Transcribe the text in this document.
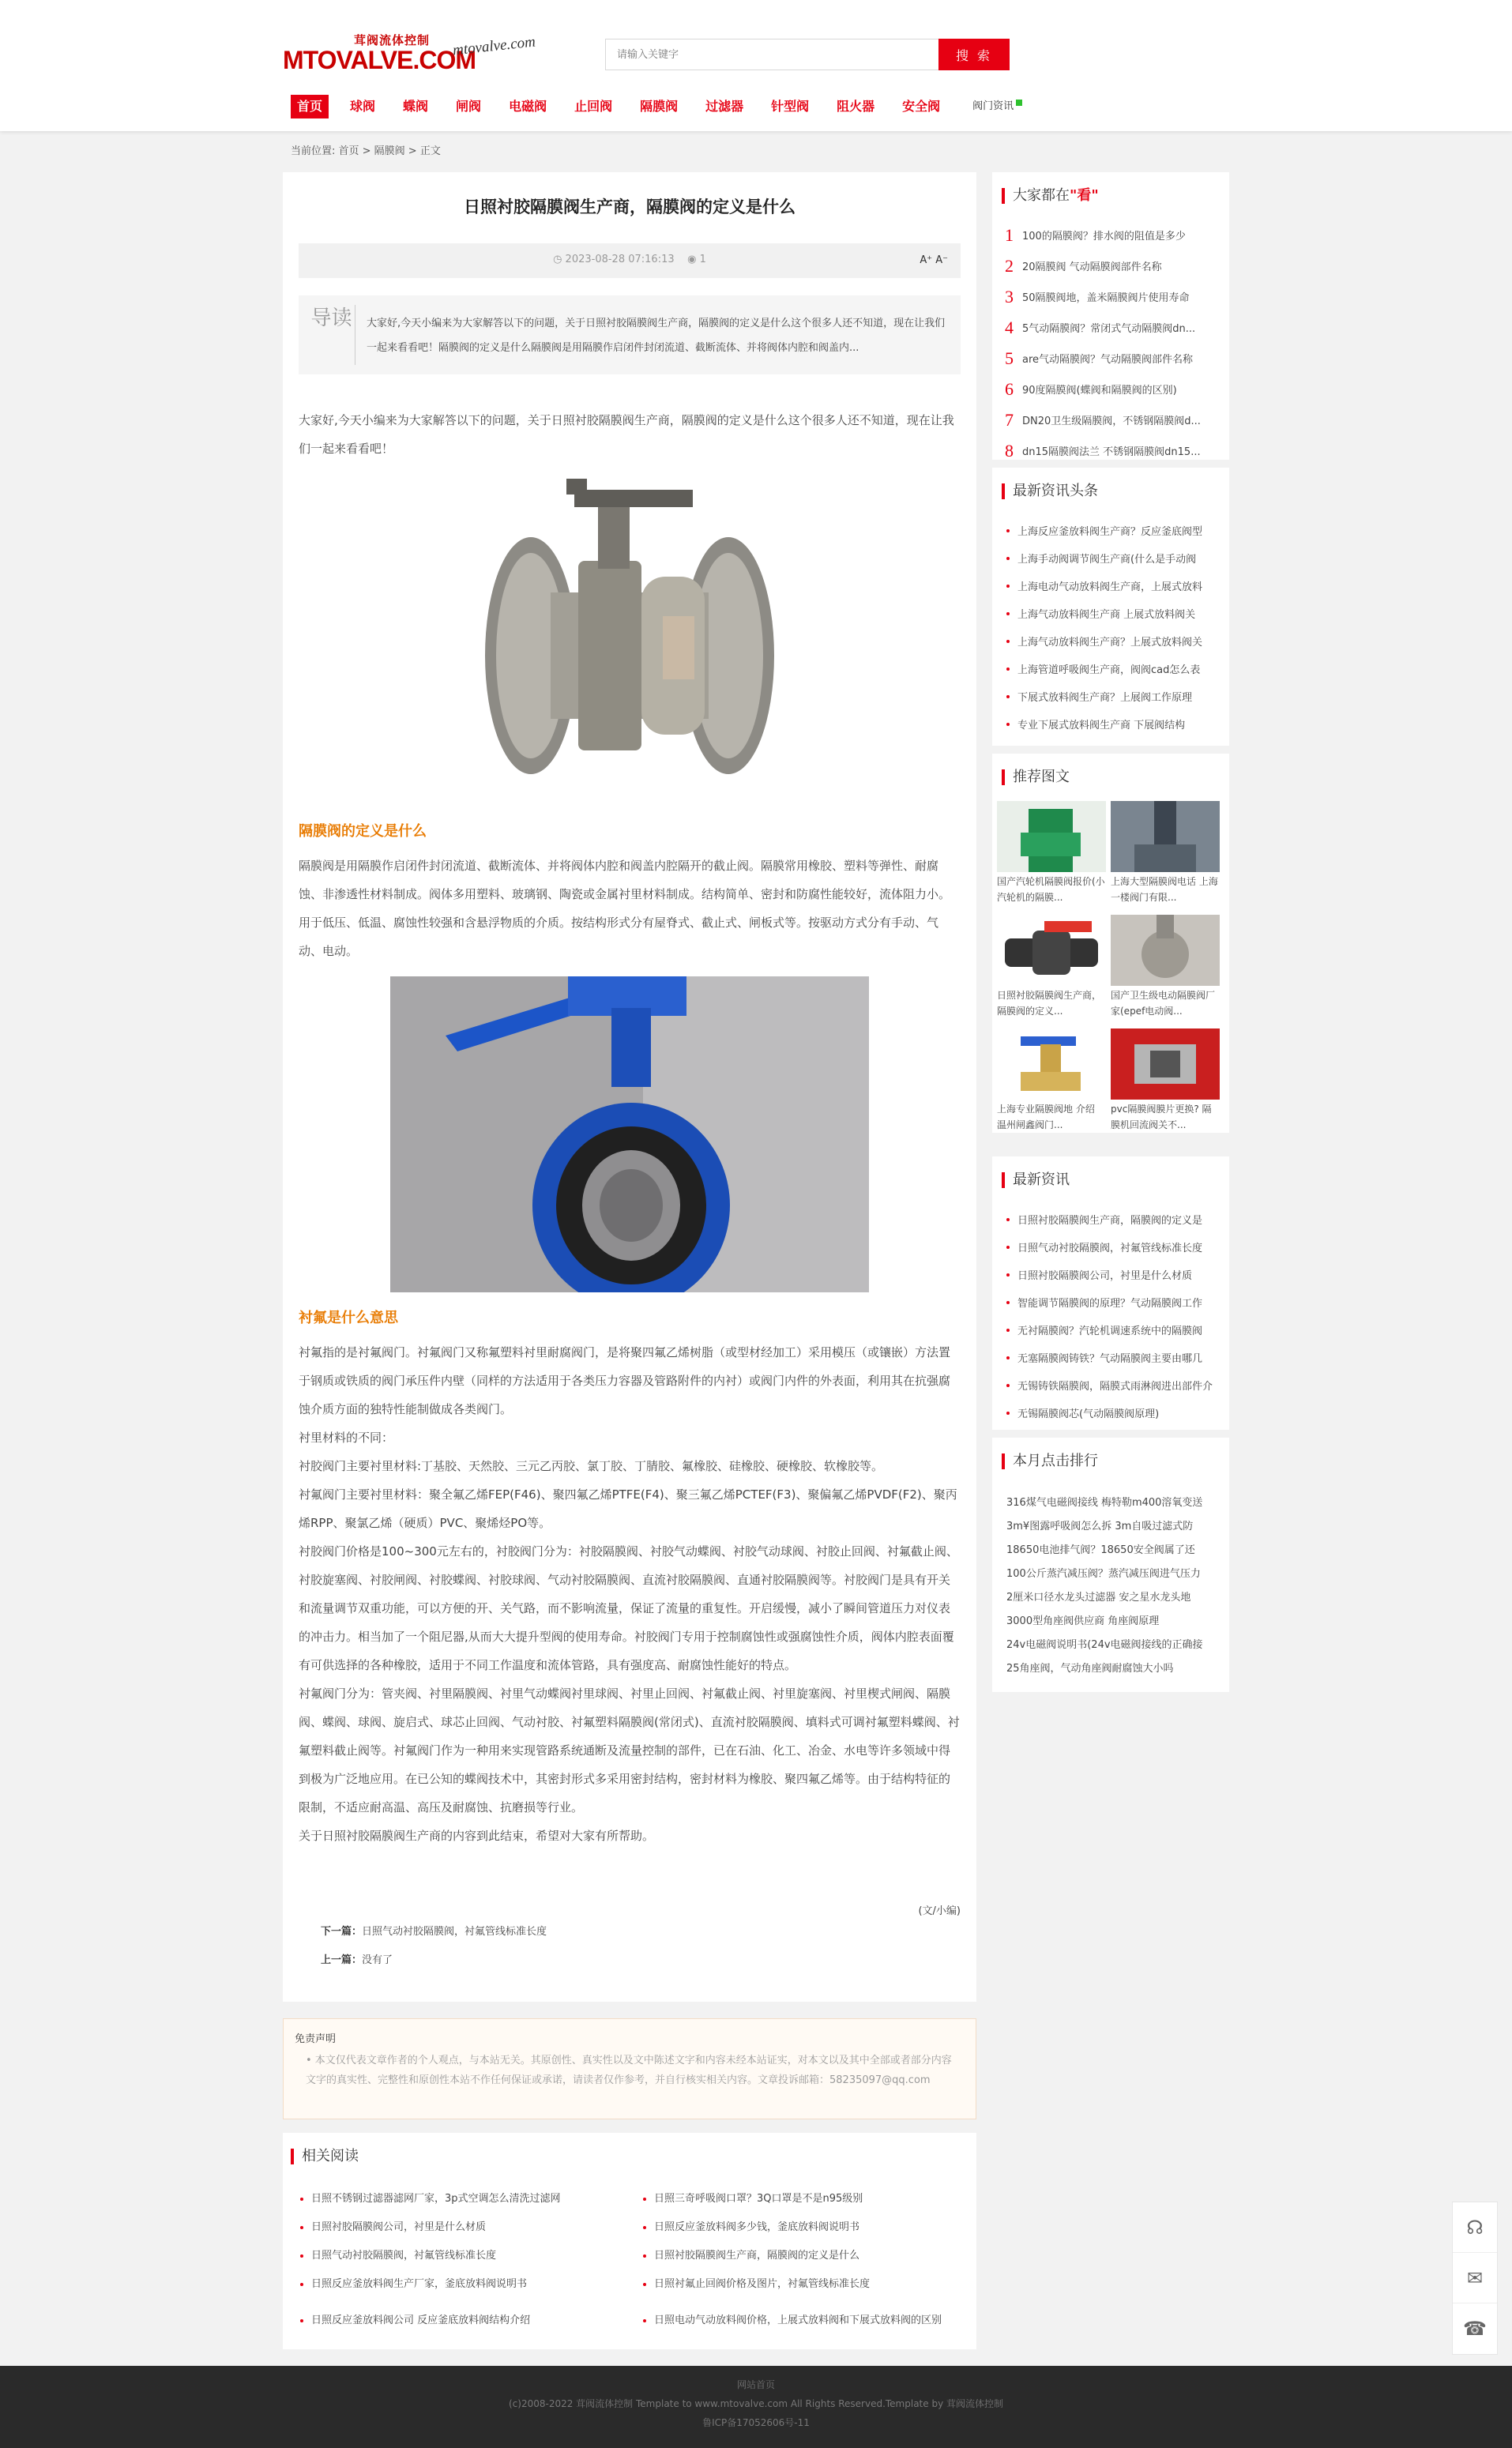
茸阀流体控制
MTOVALVE.COM
mtovalve.com
请输入关键字	搜 索
首页	球阀	蝶阀	闸阀	电磁阀	止回阀	隔膜阀	过滤器	针型阀	阻火器	安全阀	阀门资讯
当前位置: 首页 > 隔膜阀 > 正文
日照衬胶隔膜阀生产商，隔膜阀的定义是什么
◷ 2023-08-28 07:16:13 ◉ 1	A⁺ A⁻
导读	大家好,今天小编来为大家解答以下的问题，关于日照衬胶隔膜阀生产商，隔膜阀的定义是什么这个很多人还不知道，现在让我们一起来看看吧！隔膜阀的定义是什么隔膜阀是用隔膜作启闭件封闭流道、截断流体、并将阀体内腔和阀盖内...

大家好,今天小编来为大家解答以下的问题，关于日照衬胶隔膜阀生产商，隔膜阀的定义是什么这个很多人还不知道，现在让我们一起来看看吧！

隔膜阀的定义是什么

隔膜阀是用隔膜作启闭件封闭流道、截断流体、并将阀体内腔和阀盖内腔隔开的截止阀。隔膜常用橡胶、塑料等弹性、耐腐蚀、非渗透性材料制成。阀体多用塑料、玻璃钢、陶瓷或金属衬里材料制成。结构简单、密封和防腐性能较好，流体阻力小。用于低压、低温、腐蚀性较强和含悬浮物质的介质。按结构形式分有屋脊式、截止式、闸板式等。按驱动方式分有手动、气动、电动。

衬氟是什么意思

衬氟指的是衬氟阀门。衬氟阀门又称氟塑料衬里耐腐阀门，是将聚四氟乙烯树脂（或型材经加工）采用模压（或镶嵌）方法置于钢质或铁质的阀门承压件内壁（同样的方法适用于各类压力容器及管路附件的内衬）或阀门内件的外表面，利用其在抗强腐蚀介质方面的独特性能制做成各类阀门。

衬里材料的不同：

衬胶阀门主要衬里材料:丁基胶、天然胶、三元乙丙胶、氯丁胶、丁腈胶、氟橡胶、硅橡胶、硬橡胶、软橡胶等。

衬氟阀门主要衬里材料：聚全氟乙烯FEP(F46)、聚四氟乙烯PTFE(F4)、聚三氟乙烯PCTEF(F3)、聚偏氟乙烯PVDF(F2)、聚丙烯RPP、聚氯乙烯（硬质）PVC、聚烯烃PO等。

衬胶阀门价格是100~300元左右的，衬胶阀门分为：衬胶隔膜阀、衬胶气动蝶阀、衬胶气动球阀、衬胶止回阀、衬氟截止阀、衬胶旋塞阀、衬胶闸阀、衬胶蝶阀、衬胶球阀、气动衬胶隔膜阀、直流衬胶隔膜阀、直通衬胶隔膜阀等。衬胶阀门是具有开关和流量调节双重功能，可以方便的开、关气路，而不影响流量，保证了流量的重复性。开启缓慢，减小了瞬间管道压力对仪表的冲击力。相当加了一个阻尼器,从而大大提升型阀的使用寿命。衬胶阀门专用于控制腐蚀性或强腐蚀性介质，阀体内腔表面覆有可供选择的各种橡胶，适用于不同工作温度和流体管路，具有强度高、耐腐蚀性能好的特点。

衬氟阀门分为：管夹阀、衬里隔膜阀、衬里气动蝶阀衬里球阀、衬里止回阀、衬氟截止阀、衬里旋塞阀、衬里楔式闸阀、隔膜阀、蝶阀、球阀、旋启式、球芯止回阀、气动衬胶、衬氟塑料隔膜阀(常闭式)、直流衬胶隔膜阀、填料式可调衬氟塑料蝶阀、衬氟塑料截止阀等。衬氟阀门作为一种用来实现管路系统通断及流量控制的部件，已在石油、化工、冶金、水电等许多领域中得到极为广泛地应用。在已公知的蝶阀技术中，其密封形式多采用密封结构，密封材料为橡胶、聚四氟乙烯等。由于结构特征的限制，不适应耐高温、高压及耐腐蚀、抗磨损等行业。

关于日照衬胶隔膜阀生产商的内容到此结束，希望对大家有所帮助。

(文/小编)
下一篇：日照气动衬胶隔膜阀，衬氟管线标准长度
上一篇：没有了
免责声明

• 本文仅代表文章作者的个人观点，与本站无关。其原创性、真实性以及文中陈述文字和内容未经本站证实，对本文以及其中全部或者部分内容文字的真实性、完整性和原创性本站不作任何保证或承诺，请读者仅作参考，并自行核实相关内容。文章投诉邮箱：58235097@qq.com

相关阅读
日照不锈钢过滤器滤网厂家，3p式空调怎么清洗过滤网
日照衬胶隔膜阀公司，衬里是什么材质
日照气动衬胶隔膜阀，衬氟管线标准长度
日照反应釜放料阀生产厂家，釜底放料阀说明书
日照反应釜放料阀公司 反应釜底放料阀结构介绍
日照三奇呼吸阀口罩？3Q口罩是不是n95级别
日照反应釜放料阀多少钱，釜底放料阀说明书
日照衬胶隔膜阀生产商，隔膜阀的定义是什么
日照衬氟止回阀价格及图片，衬氟管线标准长度
日照电动气动放料阀价格，上展式放料阀和下展式放料阀的区别
大家都在"看"
1 100的隔膜阀？排水阀的阻值是多少
2 20隔膜阀 气动隔膜阀部件名称
3 50隔膜阀地，盖米隔膜阀片使用寿命
4 5气动隔膜阀？常闭式气动隔膜阀dn...
5 are气动隔膜阀？气动隔膜阀部件名称
6 90度隔膜阀(蝶阀和隔膜阀的区别)
7 DN20卫生级隔膜阀，不锈钢隔膜阀d...
8 dn15隔膜阀法兰 不锈钢隔膜阀dn15...
最新资讯头条
上海反应釜放料阀生产商？反应釜底阀型
上海手动阀调节阀生产商(什么是手动阀
上海电动气动放料阀生产商，上展式放料
上海气动放料阀生产商 上展式放料阀关
上海气动放料阀生产商？上展式放料阀关
上海管道呼吸阀生产商，阀阀cad怎么表
下展式放料阀生产商？上展阀工作原理
专业下展式放料阀生产商 下展阀结构
推荐图文
国产汽轮机隔膜阀报价(小汽轮机的隔膜...
上海大型隔膜阀电话 上海一楼阀门有限...
日照衬胶隔膜阀生产商，隔膜阀的定义...
国产卫生级电动隔膜阀厂家(epef电动阀...
上海专业隔膜阀地 介绍 温州闸鑫阀门...
pvc隔膜阀膜片更换? 隔膜机回流阀关不...
最新资讯
日照衬胶隔膜阀生产商，隔膜阀的定义是
日照气动衬胶隔膜阀，衬氟管线标准长度
日照衬胶隔膜阀公司，衬里是什么材质
智能调节隔膜阀的原理？气动隔膜阀工作
无衬隔膜阀？汽轮机调速系统中的隔膜阀
无塞隔膜阀铸铁？气动隔膜阀主要由哪几
无锡铸铁隔膜阀，隔膜式雨淋阀进出部件介
无锡隔膜阀芯(气动隔膜阀原理)
本月点击排行
316煤气电磁阀接线 梅特勒m400溶氧变送
3m¥图露呼吸阀怎么拆 3m自吸过滤式防
18650电池排气阀？18650安全阀属了还
100公斤蒸汽减压阀？蒸汽减压阀进气压力
2厘米口径水龙头过滤器 安之星水龙头地
3000型角座阀供应商 角座阀原理
24v电磁阀说明书(24v电磁阀接线的正确接
25角座阀，气动角座阀耐腐蚀大小吗
☊
✉
☎
网站首页
(c)2008-2022 茸阀流体控制 Template to www.mtovalve.com All Rights Reserved.Template by 茸阀流体控制
鲁ICP备17052606号-11
